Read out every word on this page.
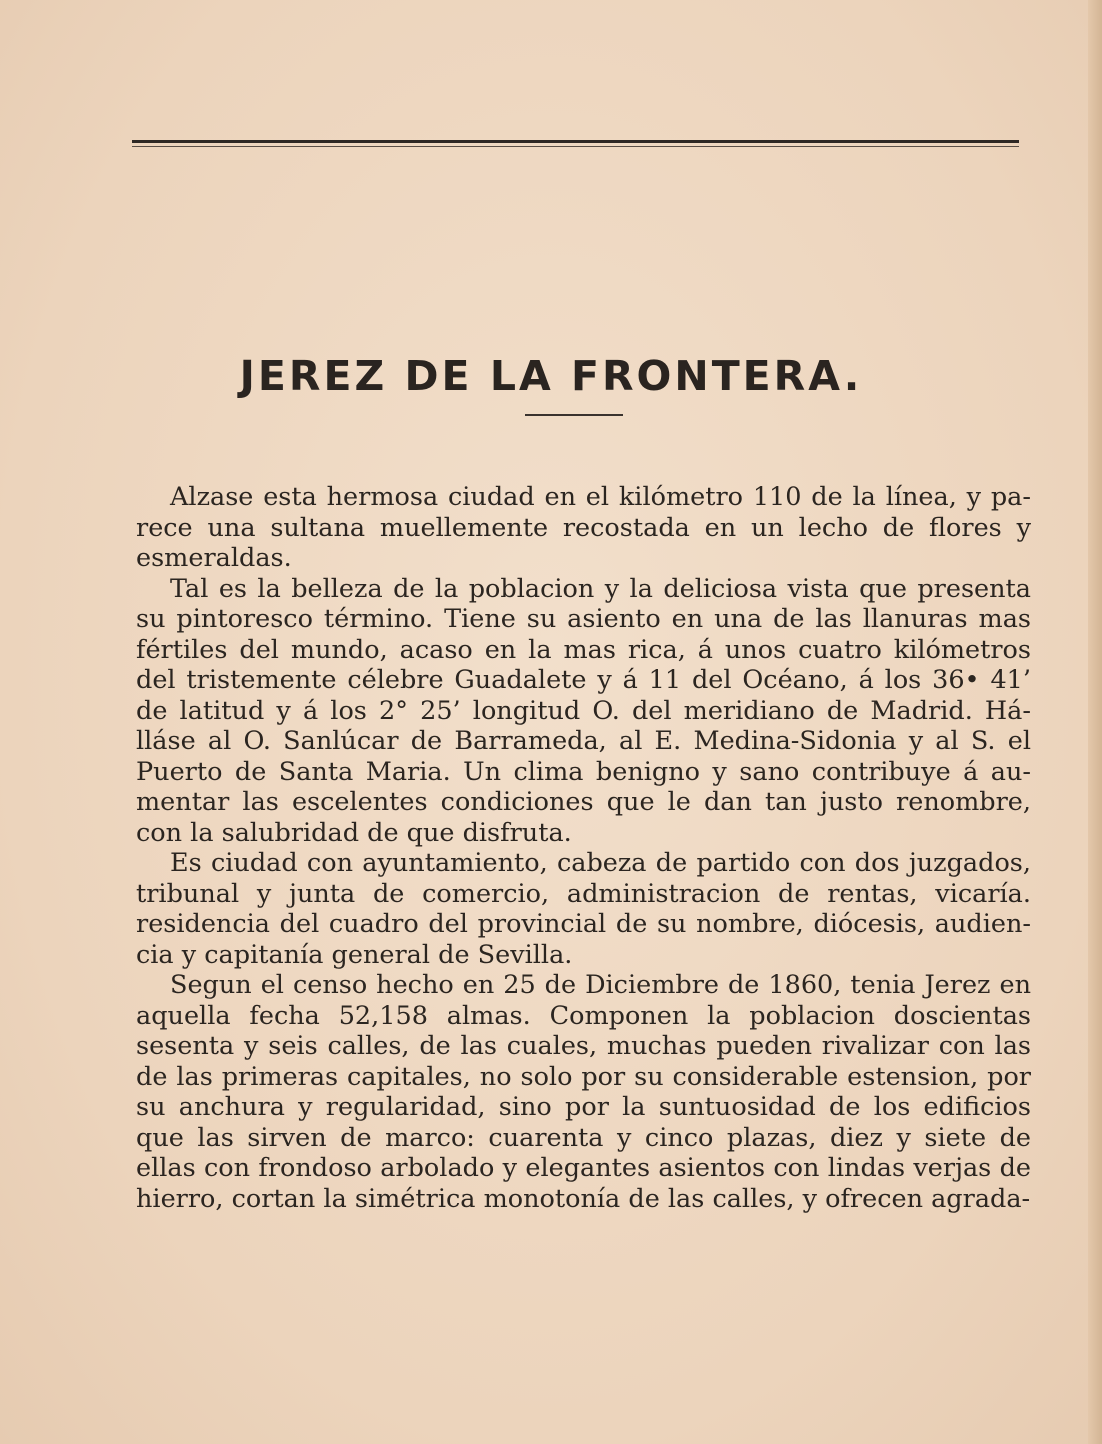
JEREZ DE LA FRONTERA.

Alzase esta hermosa ciudad en el kilómetro 110 de la línea, y pa-rece una sultana muellemente recostada en un lecho de flores y esmeraldas.

Tal es la belleza de la poblacion y la deliciosa vista que presenta su pintoresco término. Tiene su asiento en una de las llanuras mas fértiles del mundo, acaso en la mas rica, á unos cuatro kilómetros del tristemente célebre Guadalete y á 11 del Océano, á los 36• 41’ de latitud y á los 2° 25’ longitud O. del meridiano de Madrid. Há-lláse al O. Sanlúcar de Barrameda, al E. Medina-Sidonia y al S. el Puerto de Santa Maria. Un clima benigno y sano contribuye á au-mentar las escelentes condiciones que le dan tan justo renombre, con la salubridad de que disfruta.

Es ciudad con ayuntamiento, cabeza de partido con dos juzgados, tribunal y junta de comercio, administracion de rentas, vicaría. residencia del cuadro del provincial de su nombre, diócesis, audien-cia y capitanía general de Sevilla.

Segun el censo hecho en 25 de Diciembre de 1860, tenia Jerez en aquella fecha 52,158 almas. Componen la poblacion doscientas sesenta y seis calles, de las cuales, muchas pueden rivalizar con las de las primeras capitales, no solo por su considerable estension, por su anchura y regularidad, sino por la suntuosidad de los edificios que las sirven de marco: cuarenta y cinco plazas, diez y siete de ellas con frondoso arbolado y elegantes asientos con lindas verjas de hierro, cortan la simétrica monotonía de las calles, y ofrecen agrada-
